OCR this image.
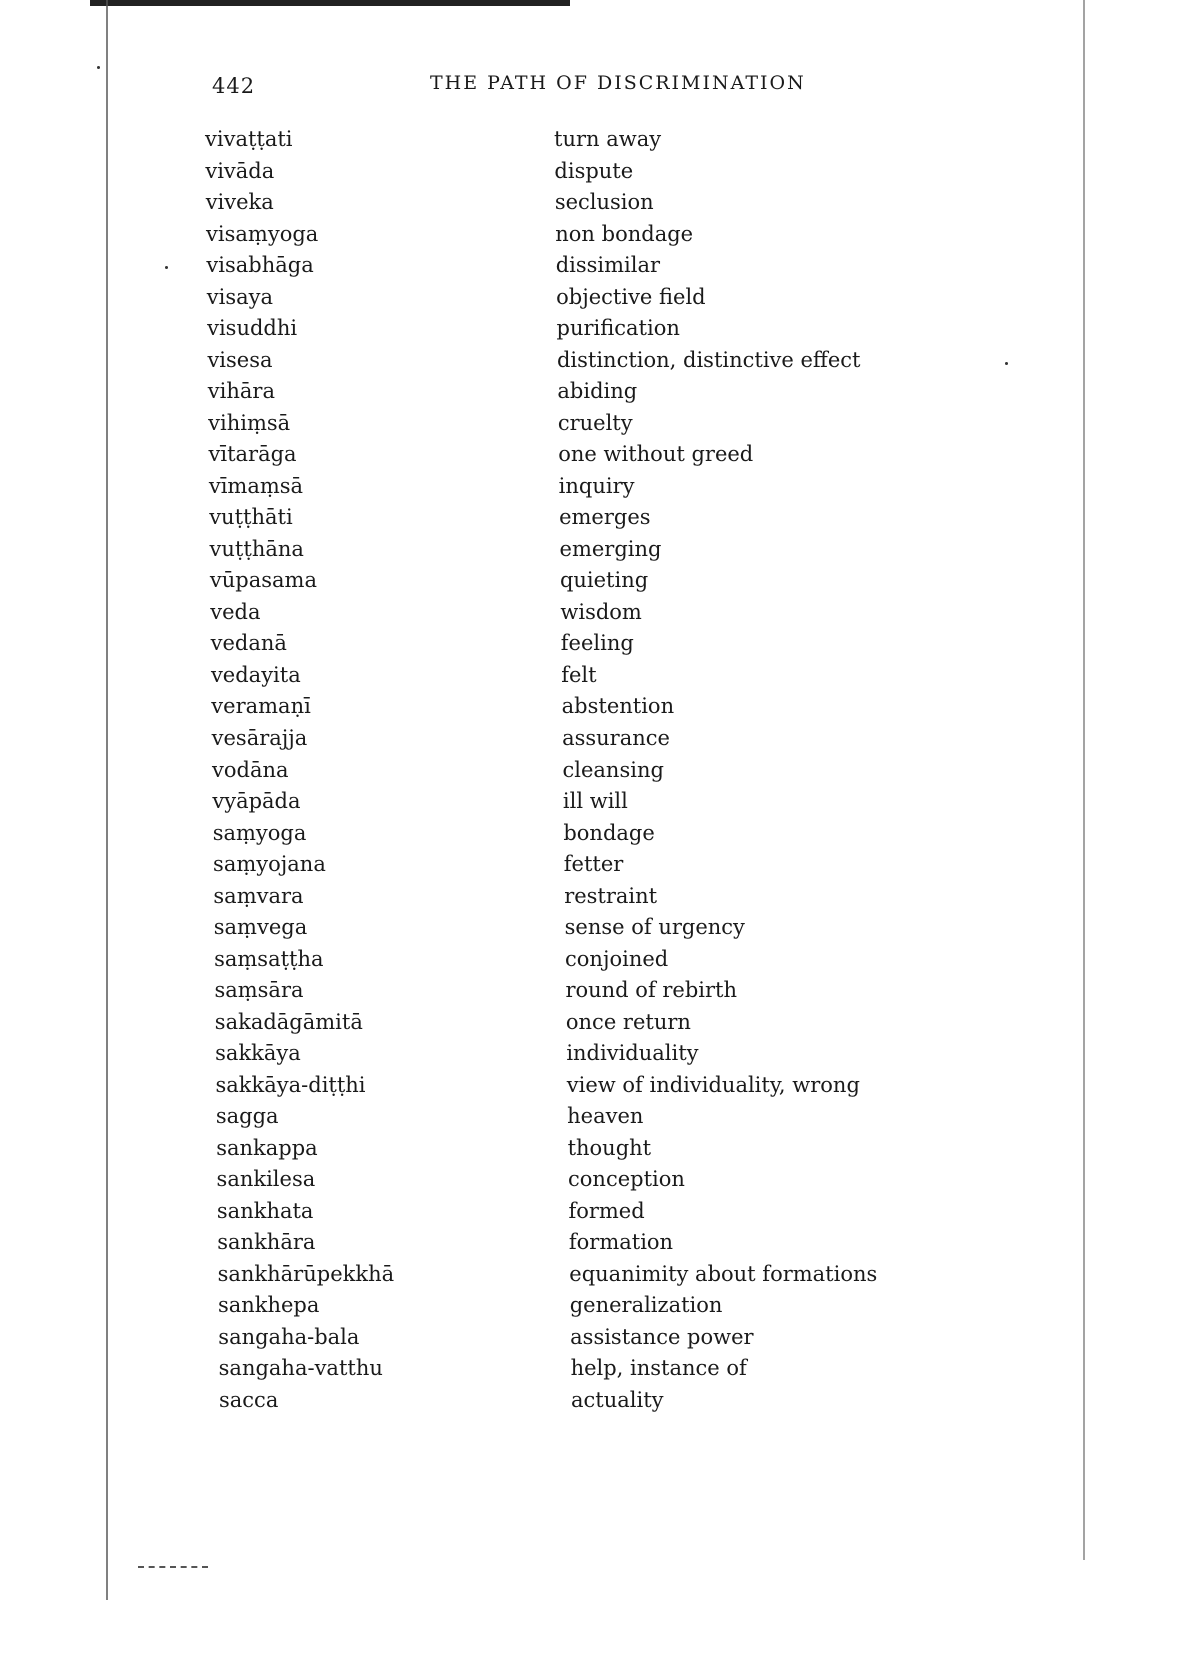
442	THE PATH OF DISCRIMINATION
vivaṭṭati	turn away
vivāda	dispute
viveka	seclusion
visaṃyoga	non bondage
visabhāga	dissimilar
visaya	objective field
visuddhi	purification
visesa	distinction, distinctive effect
vihāra	abiding
vihiṃsā	cruelty
vītarāga	one without greed
vīmaṃsā	inquiry
vuṭṭhāti	emerges
vuṭṭhāna	emerging
vūpasama	quieting
veda	wisdom
vedanā	feeling
vedayita	felt
veramaṇī	abstention
vesārajja	assurance
vodāna	cleansing
vyāpāda	ill will
saṃyoga	bondage
saṃyojana	fetter
saṃvara	restraint
saṃvega	sense of urgency
saṃsaṭṭha	conjoined
saṃsāra	round of rebirth
sakadāgāmitā	once return
sakkāya	individuality
sakkāya-diṭṭhi	view of individuality, wrong
sagga	heaven
sankappa	thought
sankilesa	conception
sankhata	formed
sankhāra	formation
sankhārūpekkhā	equanimity about formations
sankhepa	generalization
sangaha-bala	assistance power
sangaha-vatthu	help, instance of
sacca	actuality
